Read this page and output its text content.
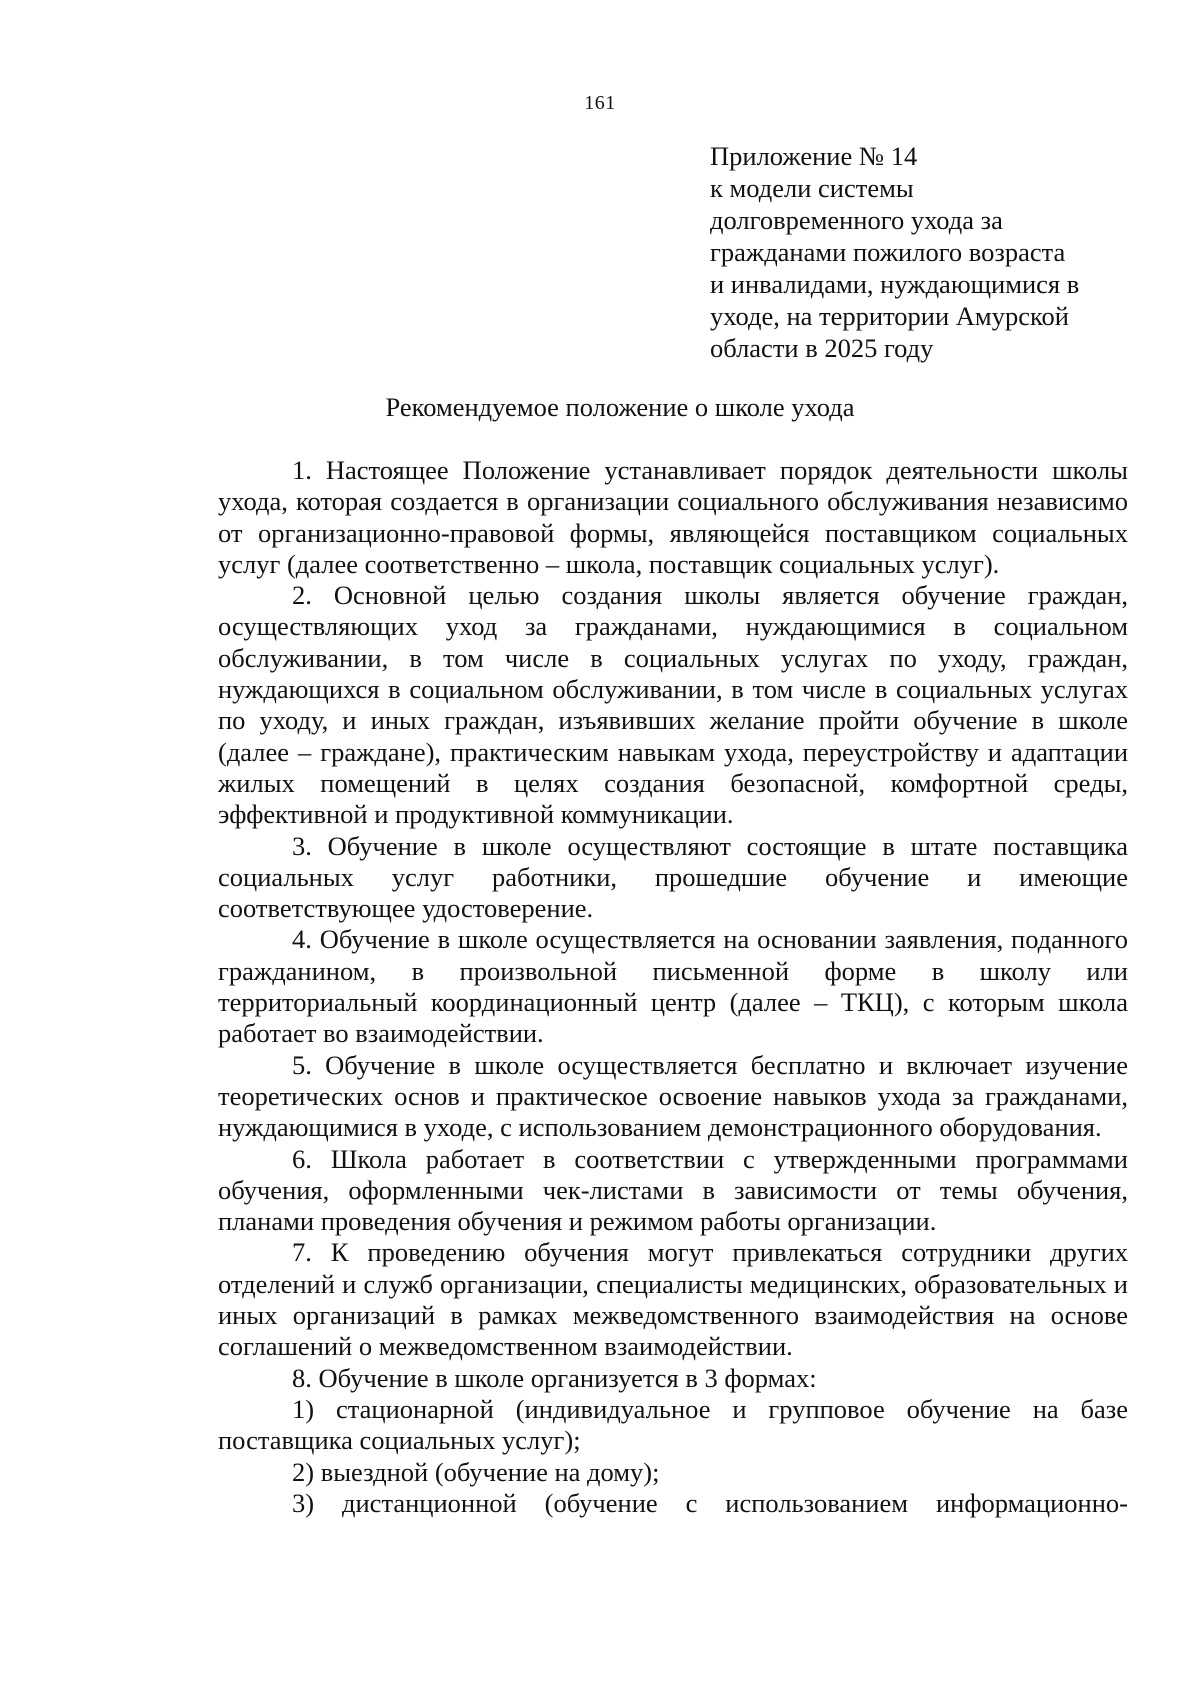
161
Приложение № 14
к модели системы
долговременного ухода за
гражданами пожилого возраста
и инвалидами, нуждающимися в
уходе, на территории Амурской
области в 2025 году
Рекомендуемое положение о школе ухода

1. Настоящее Положение устанавливает порядок деятельности школы ухода, которая создается в организации социального обслуживания независимо от организационно-правовой формы, являющейся поставщиком социальных услуг (далее соответственно – школа, поставщик социальных услуг).

2. Основной целью создания школы является обучение граждан, осуществляющих уход за гражданами, нуждающимися в социальном обслуживании, в том числе в социальных услугах по уходу, граждан, нуждающихся в социальном обслуживании, в том числе в социальных услугах по уходу, и иных граждан, изъявивших желание пройти обучение в школе (далее – граждане), практическим навыкам ухода, переустройству и адаптации жилых помещений в целях создания безопасной, комфортной среды, эффективной и продуктивной коммуникации.

3. Обучение в школе осуществляют состоящие в штате поставщика социальных услуг работники, прошедшие обучение и имеющие соответствующее удостоверение.

4. Обучение в школе осуществляется на основании заявления, поданного гражданином, в произвольной письменной форме в школу или территориальный координационный центр (далее – ТКЦ), с которым школа работает во взаимодействии.

5. Обучение в школе осуществляется бесплатно и включает изучение теоретических основ и практическое освоение навыков ухода за гражданами, нуждающимися в уходе, с использованием демонстрационного оборудования.

6. Школа работает в соответствии с утвержденными программами обучения, оформленными чек-листами в зависимости от темы обучения, планами проведения обучения и режимом работы организации.

7. К проведению обучения могут привлекаться сотрудники других отделений и служб организации, специалисты медицинских, образовательных и иных организаций в рамках межведомственного взаимодействия на основе соглашений о межведомственном взаимодействии.

8. Обучение в школе организуется в 3 формах:

1) стационарной (индивидуальное и групповое обучение на базе поставщика социальных услуг);

2) выездной (обучение на дому);

3) дистанционной (обучение с использованием информационно-
